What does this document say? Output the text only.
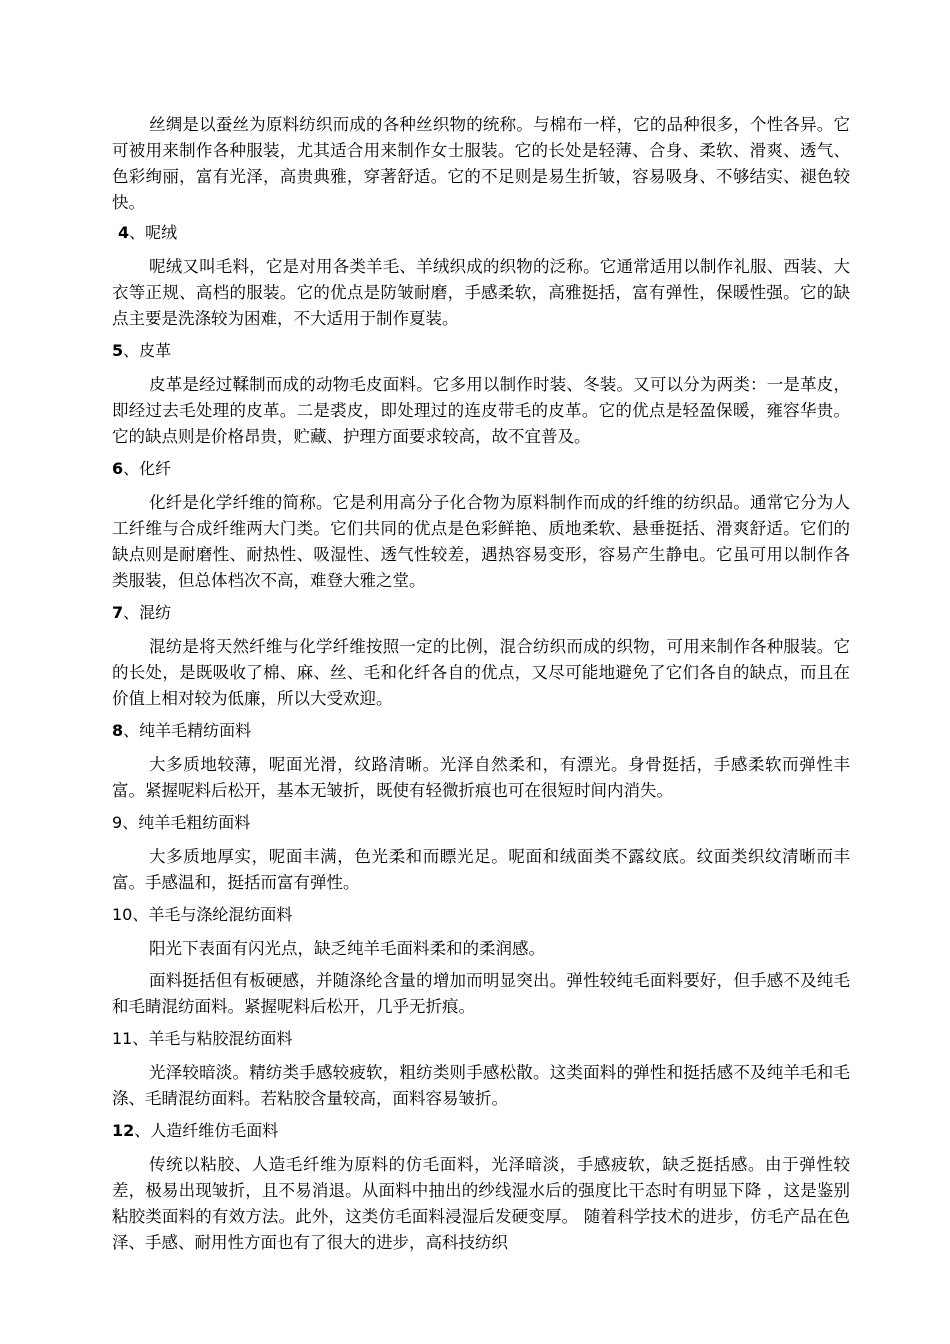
丝绸是以蚕丝为原料纺织而成的各种丝织物的统称。与棉布一样，它的品种很多，个性各异。它可被用来制作各种服装，尤其适合用来制作女士服装。它的长处是轻薄、合身、柔软、滑爽、透气、色彩绚丽，富有光泽，高贵典雅，穿著舒适。它的不足则是易生折皱，容易吸身、不够结实、褪色较快。

4、呢绒

呢绒又叫毛料，它是对用各类羊毛、羊绒织成的织物的泛称。它通常适用以制作礼服、西装、大衣等正规、高档的服装。它的优点是防皱耐磨，手感柔软，高雅挺括，富有弹性，保暖性强。它的缺点主要是洗涤较为困难，不大适用于制作夏装。

5、皮革

皮革是经过鞣制而成的动物毛皮面料。它多用以制作时装、冬装。又可以分为两类：一是革皮，即经过去毛处理的皮革。二是裘皮，即处理过的连皮带毛的皮革。它的优点是轻盈保暖，雍容华贵。它的缺点则是价格昂贵，贮藏、护理方面要求较高，故不宜普及。

6、化纤

化纤是化学纤维的简称。它是利用高分子化合物为原料制作而成的纤维的纺织品。通常它分为人工纤维与合成纤维两大门类。它们共同的优点是色彩鲜艳、质地柔软、悬垂挺括、滑爽舒适。它们的缺点则是耐磨性、耐热性、吸湿性、透气性较差，遇热容易变形，容易产生静电。它虽可用以制作各类服装，但总体档次不高，难登大雅之堂。

7、混纺

混纺是将天然纤维与化学纤维按照一定的比例，混合纺织而成的织物，可用来制作各种服装。它的长处，是既吸收了棉、麻、丝、毛和化纤各自的优点，又尽可能地避免了它们各自的缺点，而且在价值上相对较为低廉，所以大受欢迎。

8、纯羊毛精纺面料

大多质地较薄，呢面光滑，纹路清晰。光泽自然柔和，有漂光。身骨挺括，手感柔软而弹性丰富。紧握呢料后松开，基本无皱折，既使有轻微折痕也可在很短时间内消失。

9、纯羊毛粗纺面料

大多质地厚实，呢面丰满，色光柔和而瞟光足。呢面和绒面类不露纹底。纹面类织纹清晰而丰富。手感温和，挺括而富有弹性。

10、羊毛与涤纶混纺面料

阳光下表面有闪光点，缺乏纯羊毛面料柔和的柔润感。

面料挺括但有板硬感，并随涤纶含量的增加而明显突出。弹性较纯毛面料要好，但手感不及纯毛和毛睛混纺面料。紧握呢料后松开，几乎无折痕。

11、羊毛与粘胶混纺面料

光泽较暗淡。精纺类手感较疲软，粗纺类则手感松散。这类面料的弹性和挺括感不及纯羊毛和毛涤、毛睛混纺面料。若粘胶含量较高，面料容易皱折。

12、人造纤维仿毛面料

传统以粘胶、人造毛纤维为原料的仿毛面料，光泽暗淡，手感疲软，缺乏挺括感。由于弹性较差，极易出现皱折，且不易消退。从面料中抽出的纱线湿水后的强度比干态时有明显下降 ，这是鉴别粘胶类面料的有效方法。此外，这类仿毛面料浸湿后发硬变厚。 随着科学技术的进步，仿毛产品在色泽、手感、耐用性方面也有了很大的进步，高科技纺织
